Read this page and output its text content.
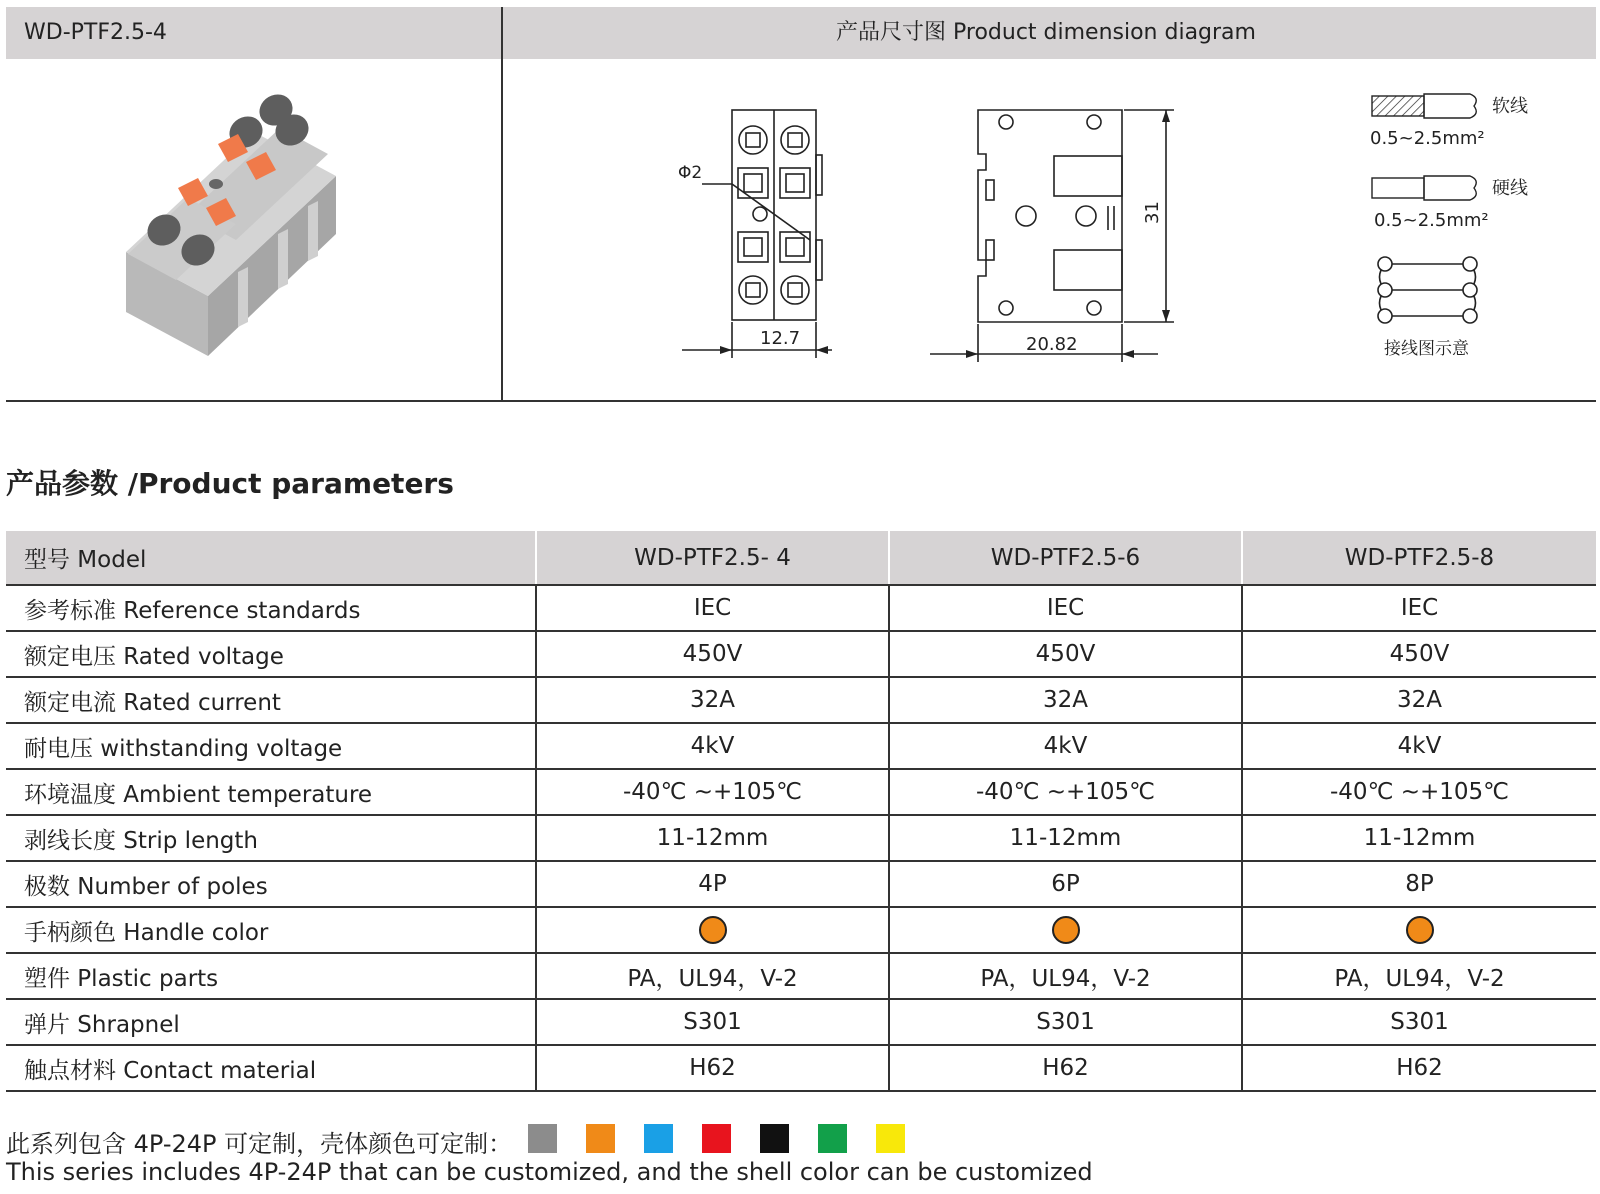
WD-PTF2.5-4	产品尺寸图 Product dimension diagram
Φ2
12.7	20.82
31
软线
0.5~2.5mm²
硬线
0.5~2.5mm²
接线图示意
产品参数 /Product parameters
型号 Model	WD-PTF2.5- 4	WD-PTF2.5-6	WD-PTF2.5-8
参考标准 Reference standards	IEC	IEC	IEC
额定电压 Rated voltage	450V	450V	450V
额定电流 Rated current	32A	32A	32A
耐电压 withstanding voltage	4kV	4kV	4kV
环境温度 Ambient temperature	-40℃ ~+105℃	-40℃ ~+105℃	-40℃ ~+105℃
剥线长度 Strip length	11-12mm	11-12mm	11-12mm
极数 Number of poles	4P	6P	8P
手柄颜色 Handle color			
塑件 Plastic parts	PA，UL94，V-2	PA，UL94，V-2	PA，UL94，V-2
弹片 Shrapnel	S301	S301	S301
触点材料 Contact material	H62	H62	H62
此系列包含 4P-24P 可定制，壳体颜色可定制：
This series includes 4P-24P that can be customized, and the shell color can be customized
